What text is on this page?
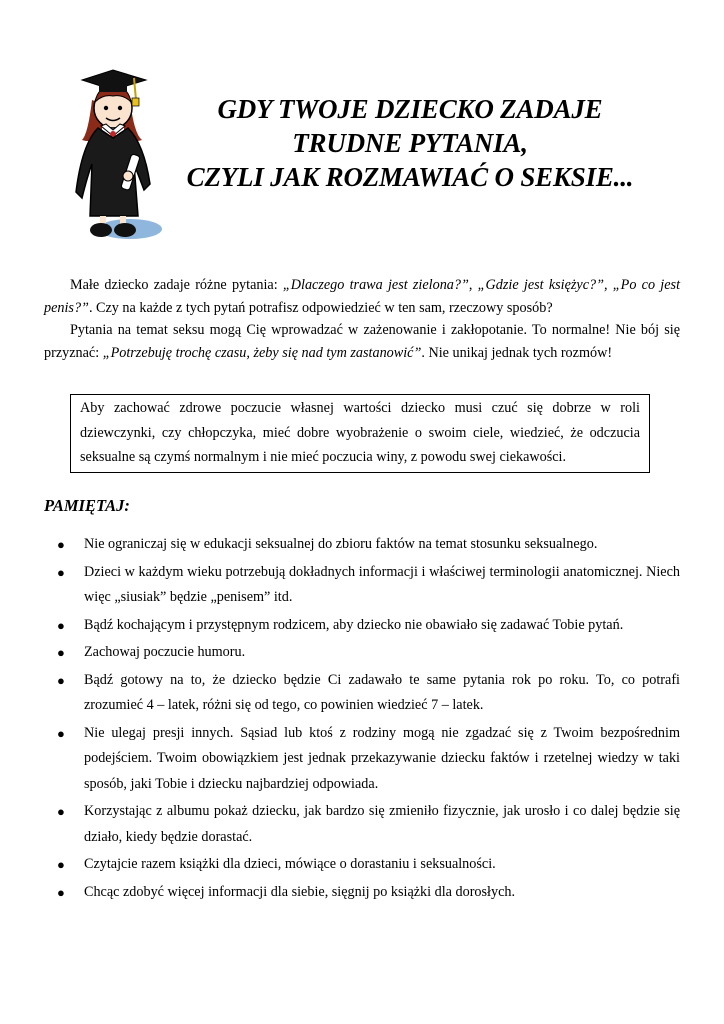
GDY TWOJE DZIECKO ZADAJE
TRUDNE PYTANIA,
CZYLI JAK ROZMAWIAĆ O SEKSIE...

Małe dziecko zadaje różne pytania: „Dlaczego trawa jest zielona?”, „Gdzie jest księżyc?”, „Po co jest penis?”. Czy na każde z tych pytań potrafisz odpowiedzieć w ten sam, rzeczowy sposób?

Pytania na temat seksu mogą Cię wprowadzać w zażenowanie i zakłopotanie. To normalne! Nie bój się przyznać: „Potrzebuję trochę czasu, żeby się nad tym zastanowić”. Nie unikaj jednak tych rozmów!

Aby zachować zdrowe poczucie własnej wartości dziecko musi czuć się dobrze w roli dziewczynki, czy chłopczyka, mieć dobre wyobrażenie o swoim ciele, wiedzieć, że odczucia seksualne są czymś normalnym i nie mieć poczucia winy, z powodu swej ciekawości.
PAMIĘTAJ:
● Nie ograniczaj się w edukacji seksualnej do zbioru faktów na temat stosunku seksualnego.
● Dzieci w każdym wieku potrzebują dokładnych informacji i właściwej terminologii anatomicznej. Niech więc „siusiak” będzie „penisem” itd.
● Bądź kochającym i przystępnym rodzicem, aby dziecko nie obawiało się zadawać Tobie pytań.
● Zachowaj poczucie humoru.
● Bądź gotowy na to, że dziecko będzie Ci zadawało te same pytania rok po roku. To, co potrafi zrozumieć 4 – latek, różni się od tego, co powinien wiedzieć 7 – latek.
● Nie ulegaj presji innych. Sąsiad lub ktoś z rodziny mogą nie zgadzać się z Twoim bezpośrednim podejściem. Twoim obowiązkiem jest jednak przekazywanie dziecku faktów i rzetelnej wiedzy w taki sposób, jaki Tobie i dziecku najbardziej odpowiada.
● Korzystając z albumu pokaż dziecku, jak bardzo się zmieniło fizycznie, jak urosło i co dalej będzie się działo, kiedy będzie dorastać.
● Czytajcie razem książki dla dzieci, mówiące o dorastaniu i seksualności.
● Chcąc zdobyć więcej informacji dla siebie, sięgnij po książki dla dorosłych.
